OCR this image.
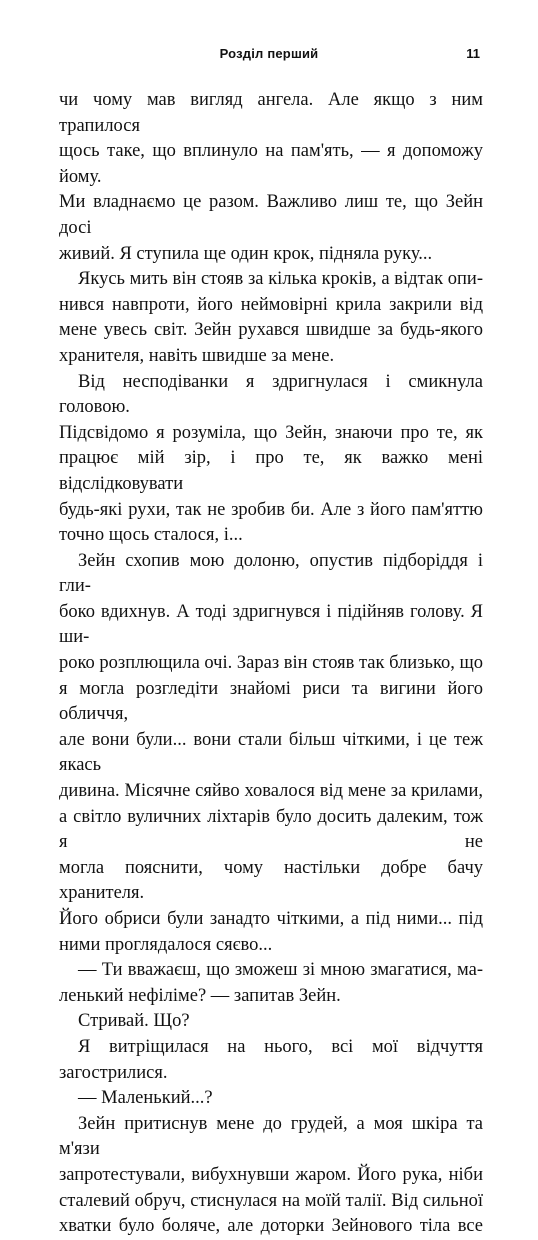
Розділ перший	11

чи чому мав вигляд ангела. Але якщо з ним трапилося

щось таке, що вплинуло на пам'ять, — я допоможу йому.

Ми владнаємо це разом. Важливо лиш те, що Зейн досі

живий. Я ступила ще один крок, підняла руку...

Якусь мить він стояв за кілька кроків, а відтак опи-

нився навпроти, його неймовірні крила закрили від

мене увесь світ. Зейн рухався швидше за будь-якого

хранителя, навіть швидше за мене.

Від несподіванки я здригнулася і смикнула головою.

Підсвідомо я розуміла, що Зейн, знаючи про те, як

працює мій зір, і про те, як важко мені відслідковувати

будь-які рухи, так не зробив би. Але з його пам'яттю

точно щось сталося, і...

Зейн схопив мою долоню, опустив підборіддя і гли-

боко вдихнув. А тоді здригнувся і підійняв голову. Я ши-

роко розплющила очі. Зараз він стояв так близько, що

я могла розгледіти знайомі риси та вигини його обличчя,

але вони були... вони стали більш чіткими, і це теж якась

дивина. Місячне сяйво ховалося від мене за крилами,

а світло вуличних ліхтарів було досить далеким, тож я не

могла пояснити, чому настільки добре бачу хранителя.

Його обриси були занадто чіткими, а під ними... під

ними проглядалося сяєво...

— Ти вважаєш, що зможеш зі мною змагатися, ма-

ленький нефіліме? — запитав Зейн.

Стривай. Що?

Я витріщилася на нього, всі мої відчуття загострилися.

— Маленький...?

Зейн притиснув мене до грудей, а моя шкіра та м'язи

запротестували, вибухнувши жаром. Його рука, ніби

сталевий обруч, стиснулася на моїй талії. Від сильної

хватки було боляче, але доторки Зейнового тіла все
